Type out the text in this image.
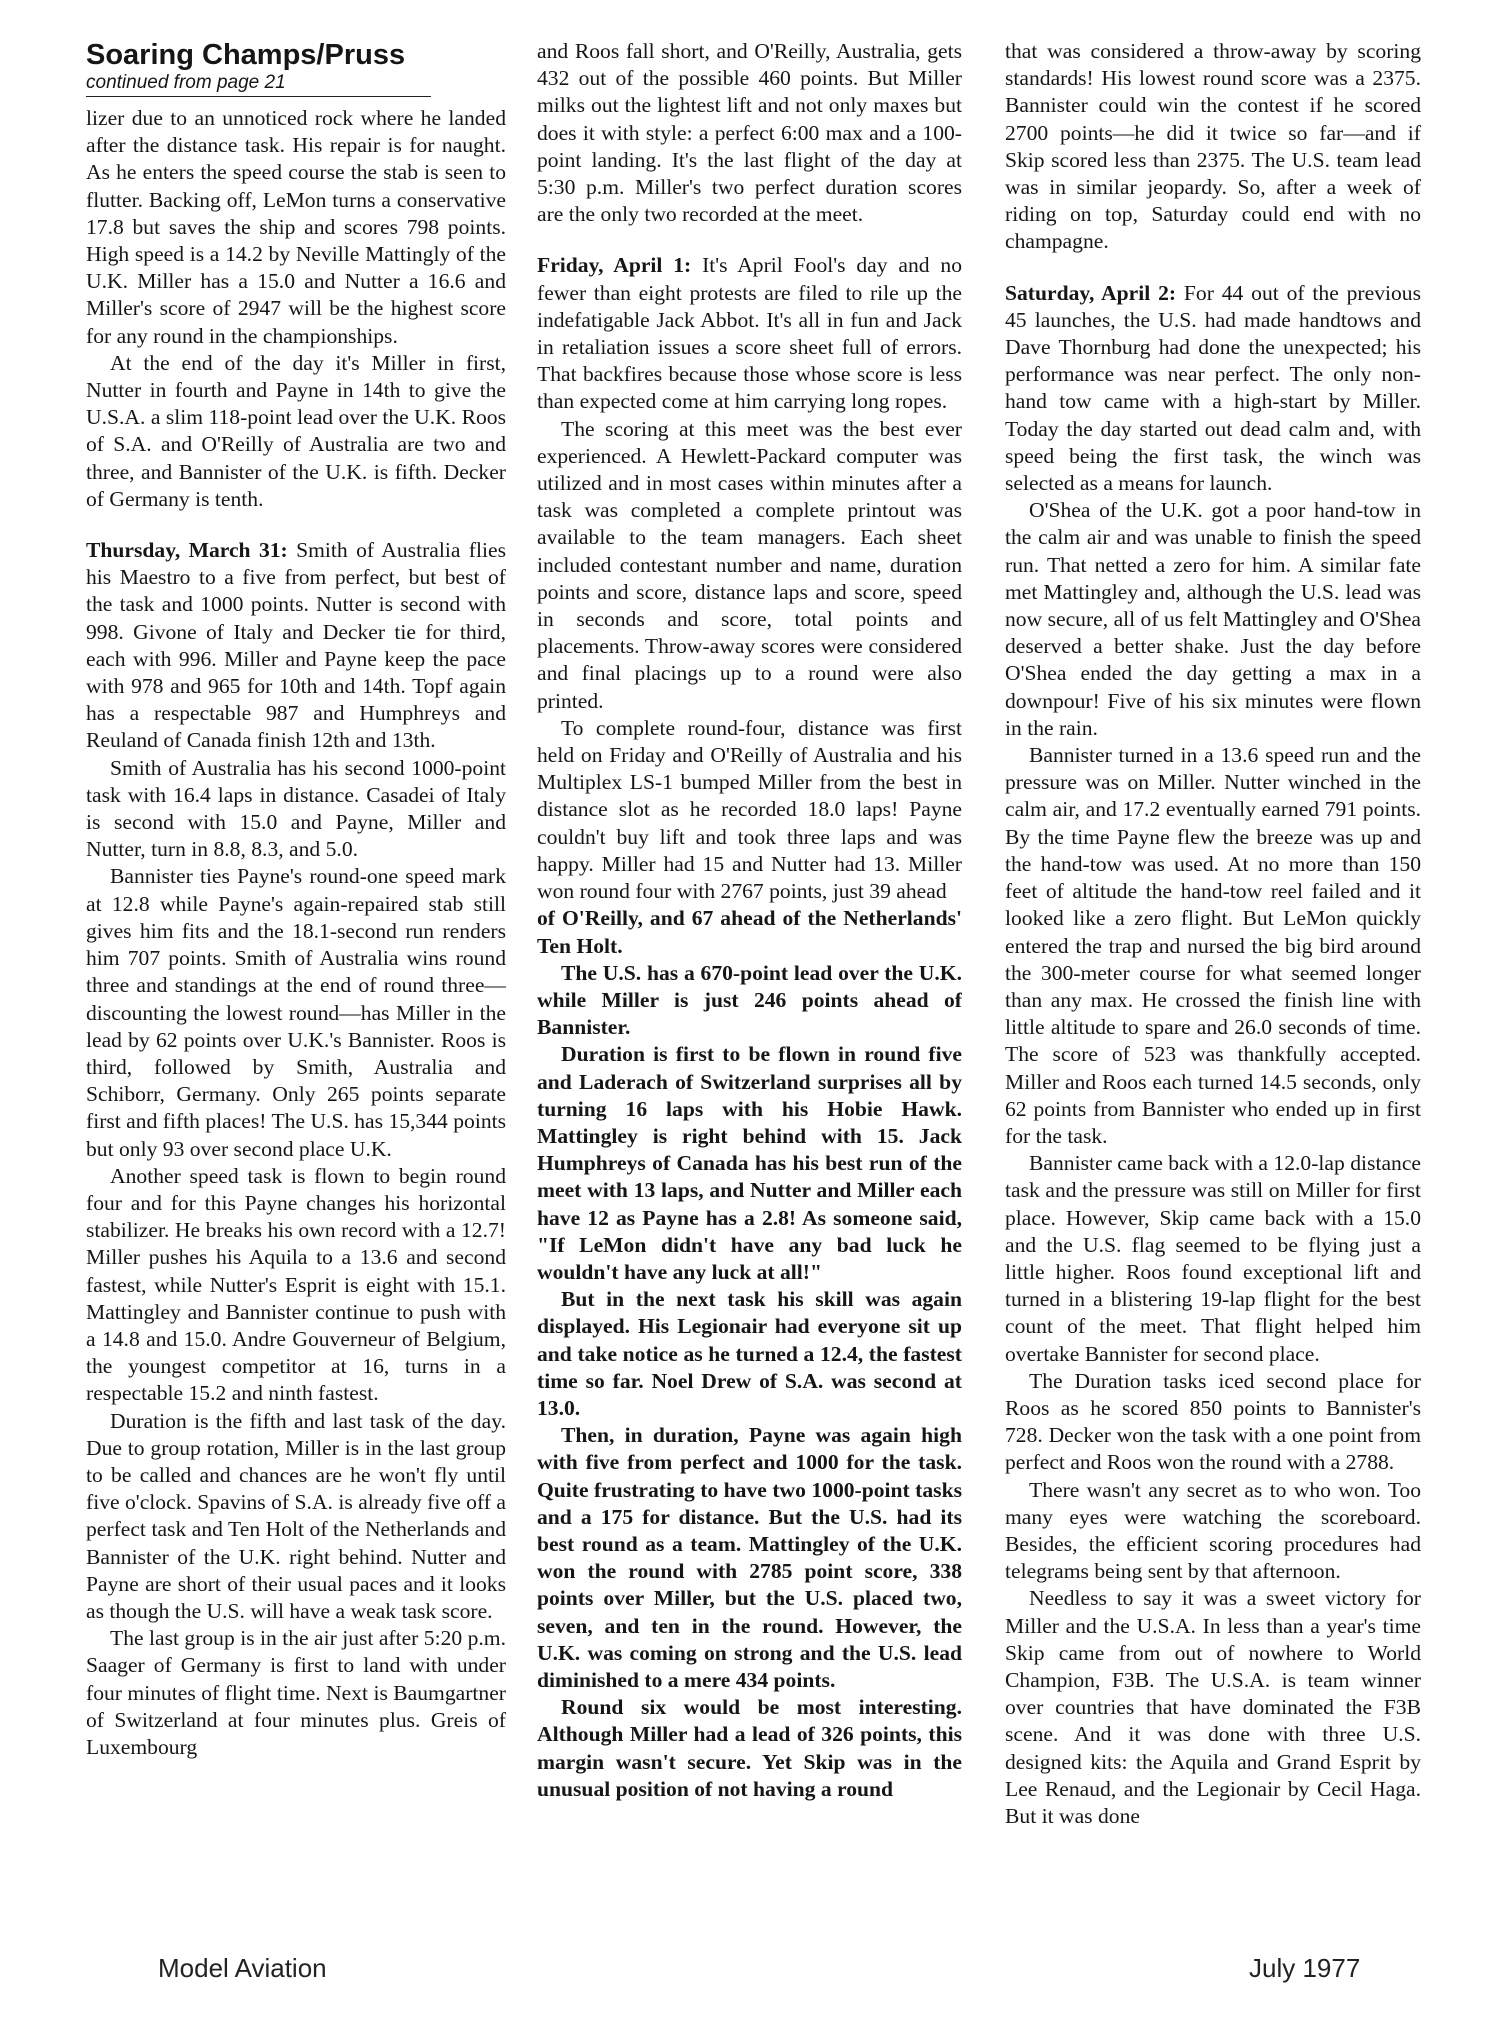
Soaring Champs/Pruss
continued from page 21

lizer due to an unnoticed rock where he landed after the distance task. His repair is for naught. As he enters the speed course the stab is seen to flutter. Backing off, LeMon turns a conservative 17.8 but saves the ship and scores 798 points. High speed is a 14.2 by Neville Mattingly of the U.K. Miller has a 15.0 and Nutter a 16.6 and Miller's score of 2947 will be the highest score for any round in the championships.

At the end of the day it's Miller in first, Nutter in fourth and Payne in 14th to give the U.S.A. a slim 118-point lead over the U.K. Roos of S.A. and O'Reilly of Australia are two and three, and Bannister of the U.K. is fifth. Decker of Germany is tenth.

Thursday, March 31: Smith of Australia flies his Maestro to a five from perfect, but best of the task and 1000 points. Nutter is second with 998. Givone of Italy and Decker tie for third, each with 996. Miller and Payne keep the pace with 978 and 965 for 10th and 14th. Topf again has a respectable 987 and Humphreys and Reuland of Canada finish 12th and 13th.

Smith of Australia has his second 1000-point task with 16.4 laps in distance. Casadei of Italy is second with 15.0 and Payne, Miller and Nutter, turn in 8.8, 8.3, and 5.0.

Bannister ties Payne's round-one speed mark at 12.8 while Payne's again-repaired stab still gives him fits and the 18.1-second run renders him 707 points. Smith of Australia wins round three and standings at the end of round three—discounting the lowest round—has Miller in the lead by 62 points over U.K.'s Bannister. Roos is third, followed by Smith, Australia and Schiborr, Germany. Only 265 points separate first and fifth places! The U.S. has 15,344 points but only 93 over second place U.K.

Another speed task is flown to begin round four and for this Payne changes his horizontal stabilizer. He breaks his own record with a 12.7! Miller pushes his Aquila to a 13.6 and second fastest, while Nutter's Esprit is eight with 15.1. Mattingley and Bannister continue to push with a 14.8 and 15.0. Andre Gouverneur of Belgium, the youngest competitor at 16, turns in a respectable 15.2 and ninth fastest.

Duration is the fifth and last task of the day. Due to group rotation, Miller is in the last group to be called and chances are he won't fly until five o'clock. Spavins of S.A. is already five off a perfect task and Ten Holt of the Netherlands and Bannister of the U.K. right behind. Nutter and Payne are short of their usual paces and it looks as though the U.S. will have a weak task score.

The last group is in the air just after 5:20 p.m. Saager of Germany is first to land with under four minutes of flight time. Next is Baumgartner of Switzerland at four minutes plus. Greis of Luxembourg

and Roos fall short, and O'Reilly, Australia, gets 432 out of the possible 460 points. But Miller milks out the lightest lift and not only maxes but does it with style: a perfect 6:00 max and a 100-point landing. It's the last flight of the day at 5:30 p.m. Miller's two perfect duration scores are the only two recorded at the meet.

Friday, April 1: It's April Fool's day and no fewer than eight protests are filed to rile up the indefatigable Jack Abbot. It's all in fun and Jack in retaliation issues a score sheet full of errors. That backfires because those whose score is less than expected come at him carrying long ropes.

The scoring at this meet was the best ever experienced. A Hewlett-Packard computer was utilized and in most cases within minutes after a task was completed a complete printout was available to the team managers. Each sheet included contestant number and name, duration points and score, distance laps and score, speed in seconds and score, total points and placements. Throw-away scores were considered and final placings up to a round were also printed.

To complete round-four, distance was first held on Friday and O'Reilly of Australia and his Multiplex LS-1 bumped Miller from the best in distance slot as he recorded 18.0 laps! Payne couldn't buy lift and took three laps and was happy. Miller had 15 and Nutter had 13. Miller won round four with 2767 points, just 39 ahead

of O'Reilly, and 67 ahead of the Netherlands' Ten Holt.

The U.S. has a 670-point lead over the U.K. while Miller is just 246 points ahead of Bannister.

Duration is first to be flown in round five and Laderach of Switzerland surprises all by turning 16 laps with his Hobie Hawk. Mattingley is right behind with 15. Jack Humphreys of Canada has his best run of the meet with 13 laps, and Nutter and Miller each have 12 as Payne has a 2.8! As someone said, "If LeMon didn't have any bad luck he wouldn't have any luck at all!"

But in the next task his skill was again displayed. His Legionair had everyone sit up and take notice as he turned a 12.4, the fastest time so far. Noel Drew of S.A. was second at 13.0.

Then, in duration, Payne was again high with five from perfect and 1000 for the task. Quite frustrating to have two 1000-point tasks and a 175 for distance. But the U.S. had its best round as a team. Mattingley of the U.K. won the round with 2785 point score, 338 points over Miller, but the U.S. placed two, seven, and ten in the round. However, the U.K. was coming on strong and the U.S. lead diminished to a mere 434 points.

Round six would be most interesting. Although Miller had a lead of 326 points, this margin wasn't secure. Yet Skip was in the unusual position of not having a round

that was considered a throw-away by scoring standards! His lowest round score was a 2375. Bannister could win the contest if he scored 2700 points—he did it twice so far—and if Skip scored less than 2375. The U.S. team lead was in similar jeopardy. So, after a week of riding on top, Saturday could end with no champagne.

Saturday, April 2: For 44 out of the previous 45 launches, the U.S. had made handtows and Dave Thornburg had done the unexpected; his performance was near perfect. The only non-hand tow came with a high-start by Miller. Today the day started out dead calm and, with speed being the first task, the winch was selected as a means for launch.

O'Shea of the U.K. got a poor hand-tow in the calm air and was unable to finish the speed run. That netted a zero for him. A similar fate met Mattingley and, although the U.S. lead was now secure, all of us felt Mattingley and O'Shea deserved a better shake. Just the day before O'Shea ended the day getting a max in a downpour! Five of his six minutes were flown in the rain.

Bannister turned in a 13.6 speed run and the pressure was on Miller. Nutter winched in the calm air, and 17.2 eventually earned 791 points. By the time Payne flew the breeze was up and the hand-tow was used. At no more than 150 feet of altitude the hand-tow reel failed and it looked like a zero flight. But LeMon quickly entered the trap and nursed the big bird around the 300-meter course for what seemed longer than any max. He crossed the finish line with little altitude to spare and 26.0 seconds of time. The score of 523 was thankfully accepted. Miller and Roos each turned 14.5 seconds, only 62 points from Bannister who ended up in first for the task.

Bannister came back with a 12.0-lap distance task and the pressure was still on Miller for first place. However, Skip came back with a 15.0 and the U.S. flag seemed to be flying just a little higher. Roos found exceptional lift and turned in a blistering 19-lap flight for the best count of the meet. That flight helped him overtake Bannister for second place.

The Duration tasks iced second place for Roos as he scored 850 points to Bannister's 728. Decker won the task with a one point from perfect and Roos won the round with a 2788.

There wasn't any secret as to who won. Too many eyes were watching the scoreboard. Besides, the efficient scoring procedures had telegrams being sent by that afternoon.

Needless to say it was a sweet victory for Miller and the U.S.A. In less than a year's time Skip came from out of nowhere to World Champion, F3B. The U.S.A. is team winner over countries that have dominated the F3B scene. And it was done with three U.S. designed kits: the Aquila and Grand Esprit by Lee Renaud, and the Legionair by Cecil Haga. But it was done

Model Aviation	July 1977
